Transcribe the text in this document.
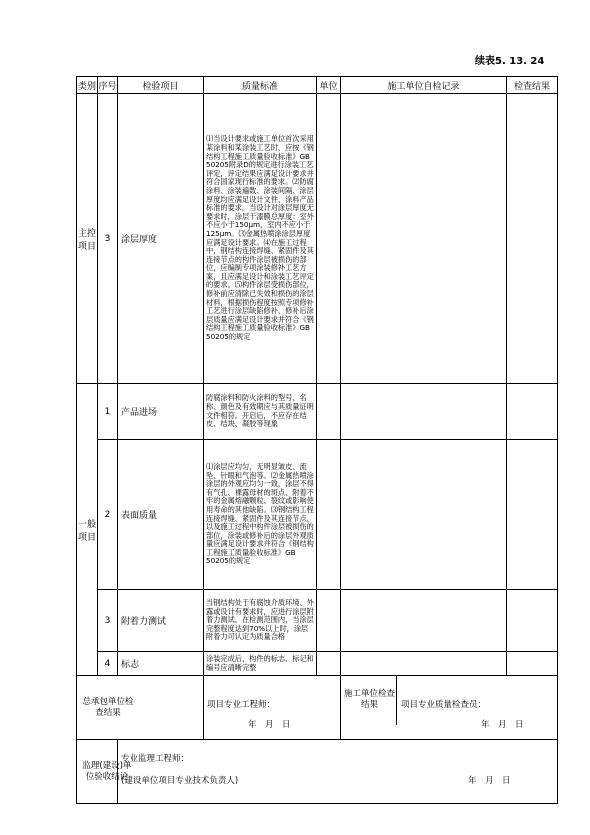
续表5. 13. 24
类别	序号	检验项目	质量标准	单位	施工单位自检记录	检查结果
主控项目	3	涂层厚度	⑴当设计要求或施工单位首次采用某涂料和某涂装工艺时，应按《钢结构工程施工质量验收标准》GB 50205附录D的规定进行涂装工艺评定，评定结果应满足设计要求并符合国家现行标准的要求。⑵防腐涂料、涂装遍数、涂装间隔、涂层厚度均应满足设计文件、涂料产品标准的要求。当设计对涂层厚度无要求时，涂层干漆膜总厚度：室外不应小于150μm，室内不应小于125μm。⑶金属热喷涂涂层厚度应满足设计要求。⑷在施工过程中，钢结构连接焊缝、紧固件及其连接节点的构件涂层被损伤的部位，应编制专项涂装修补工艺方案，且应满足设计和涂装工艺评定的要求。⑸构件涂层受损伤部位，修补前应清除已失效和损伤的涂层材料，根据损伤程度按照专项修补工艺进行涂层缺陷修补，修补后涂层质量应满足设计要求并符合《钢结构工程施工质量验收标准》GB 50205的规定			
一般项目	1	产品进场	防腐涂料和防火涂料的型号、名称、颜色及有效期应与其质量证明文件相符。开启后，不应存在结皮、结块、凝胶等现象			
	2	表面质量	⑴涂层应均匀，无明显皱皮、流坠、针眼和气泡等。⑵金属热喷涂涂层的外观应均匀一致，涂层不得有气孔、裸露母材的斑点、附着不牢的金属熔融颗粒、裂纹或影响使用寿命的其他缺陷。⑶钢结构工程连接焊缝、紧固件及其连接节点，以及施工过程中构件涂层被损伤的部位，涂装或修补后的涂层外观质量应满足设计要求并符合《钢结构工程施工质量验收标准》GB 50205的规定			
	3	附着力测试	当钢结构处于有腐蚀介质环境、外露或设计有要求时，应进行涂层附着力测试。在检测范围内，当涂层完整程度达到70%以上时，涂层附着力可认定为质量合格			
	4	标志	涂装完成后，构件的标志、标记和编号应清晰完整			

总承包单位检查结果			项目专业工程师：
年　月　日		施工单位检查结果 项目专业质量检查员：
年　月　日	

监理(建设)单位验收结论		专业监理工程师：
(建设单位项目专业技术负责人) 年　月　日				
